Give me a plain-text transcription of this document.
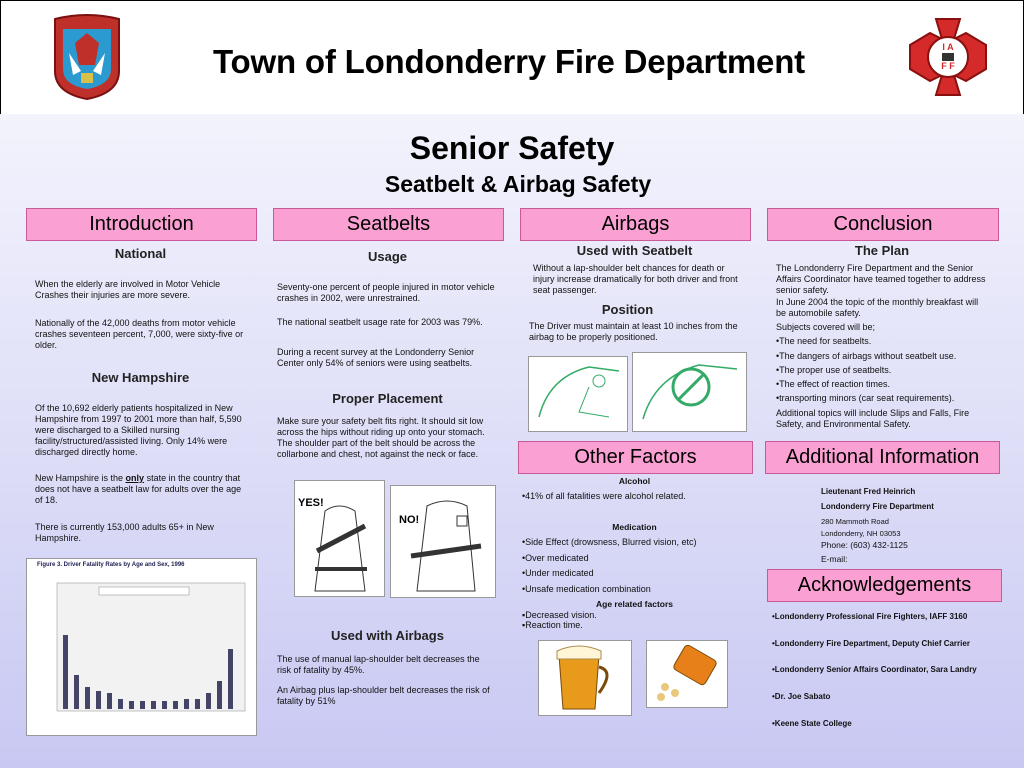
Town of Londonderry Fire Department	I A
F F
Senior Safety
Seatbelt & Airbag Safety
Introduction
National
When the elderly are involved in Motor Vehicle Crashes their injuries are more severe.
Nationally of the 42,000 deaths from motor vehicle crashes seventeen percent, 7,000, were sixty-five or older.
New Hampshire
Of the 10,692 elderly patients hospitalized in New Hampshire from 1997 to 2001 more than half, 5,590 were discharged to a Skilled nursing facility/structured/assisted living. Only 14% were discharged directly home.
New Hampshire is the only state in the country that does not have a seatbelt law for adults over the age of 18.
There is currently 153,000 adults 65+ in New Hampshire.
Figure 3. Driver Fatality Rates by Age and Sex, 1996
Seatbelts
Usage
Seventy-one percent of people injured in motor vehicle crashes in 2002, were unrestrained.
The national seatbelt usage rate for 2003 was 79%.
During a recent survey at the Londonderry Senior Center only 54% of seniors were using seatbelts.
Proper Placement
Make sure your safety belt fits right. It should sit low across the hips without riding up onto your stomach. The shoulder part of the belt should be across the collarbone and chest, not against the neck or face.
YES!
NO!
Used with Airbags
The use of manual lap-shoulder belt decreases the risk of fatality by 45%.
An Airbag plus lap-shoulder belt decreases the risk of fatality by 51%
Airbags
Used with Seatbelt
Without a lap-shoulder belt chances for death or injury increase dramatically for both driver and front seat passenger.
Position
The Driver must maintain at least 10 inches from the airbag to be properly positioned.
Other Factors
Alcohol
•41% of all fatalities were alcohol related.
Medication
•Side Effect (drowsness, Blurred vision, etc)
•Over medicated
•Under medicated
•Unsafe medication combination
Age related factors
▪Decreased vision.
▪Reaction time.
Conclusion
The Plan
The Londonderry Fire Department and the Senior Affairs Coordinator have teamed together to address senior safety.
In June 2004 the topic of the monthly breakfast will be automobile safety.
Subjects covered will be;
•The need for seatbelts.
•The dangers of airbags without seatbelt use.
•The proper use of seatbelts.
•The effect of reaction times.
•transporting minors (car seat requirements).
Additional topics will include Slips and Falls, Fire Safety, and Environmental Safety.
Additional Information
Lieutenant Fred Heinrich
Londonderry Fire Department
280 Mammoth Road
Londonderry, NH 03053
Phone: (603) 432-1125
E-mail:
Acknowledgements
•Londonderry Professional Fire Fighters, IAFF 3160
•Londonderry Fire Department, Deputy Chief Carrier
•Londonderry Senior Affairs Coordinator, Sara Landry
•Dr. Joe Sabato
•Keene State College
